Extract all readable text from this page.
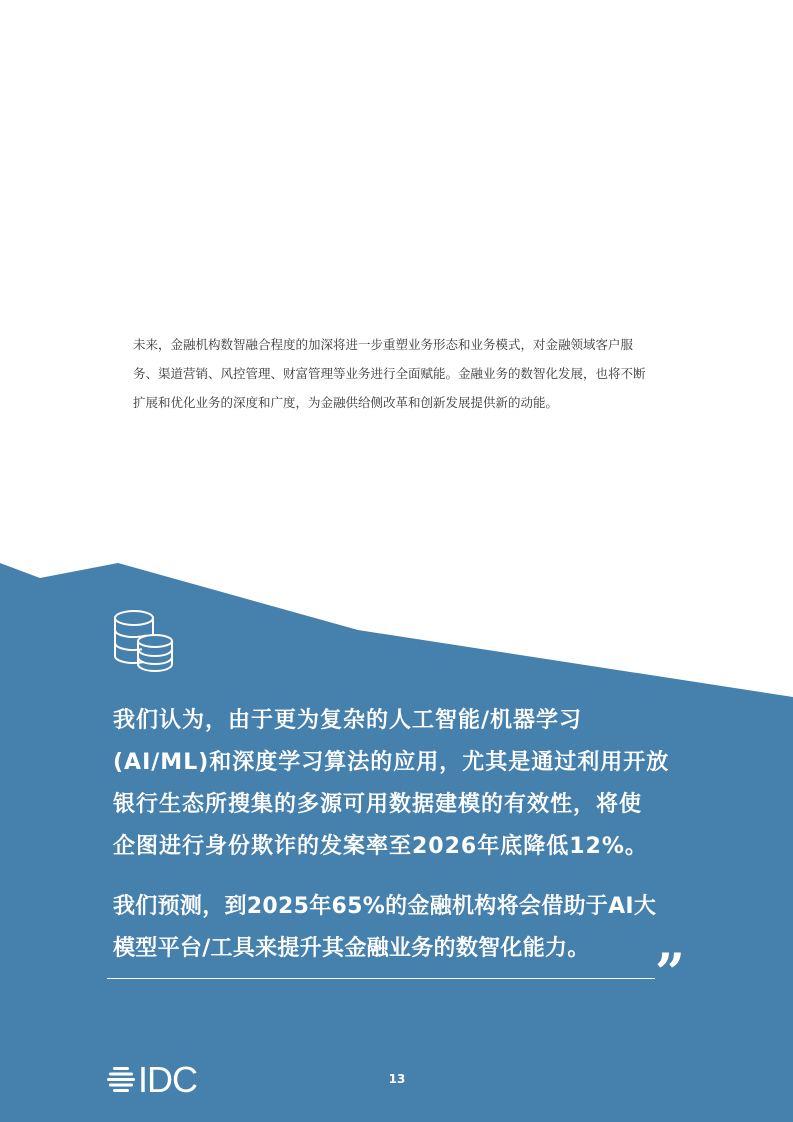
未来，金融机构数智融合程度的加深将进一步重塑业务形态和业务模式，对金融领域客户服

务、渠道营销、风控管理、财富管理等业务进行全面赋能。金融业务的数智化发展，也将不断

扩展和优化业务的深度和广度，为金融供给侧改革和创新发展提供新的动能。

我们认为，由于更为复杂的人工智能/机器学习
(AI/ML)和深度学习算法的应用，尤其是通过利用开放
银行生态所搜集的多源可用数据建模的有效性，将使
企图进行身份欺诈的发案率至2026年底降低12%。

我们预测，到2025年65%的金融机构将会借助于AI大
模型平台/工具来提升其金融业务的数智化能力。	”
IDC	13
